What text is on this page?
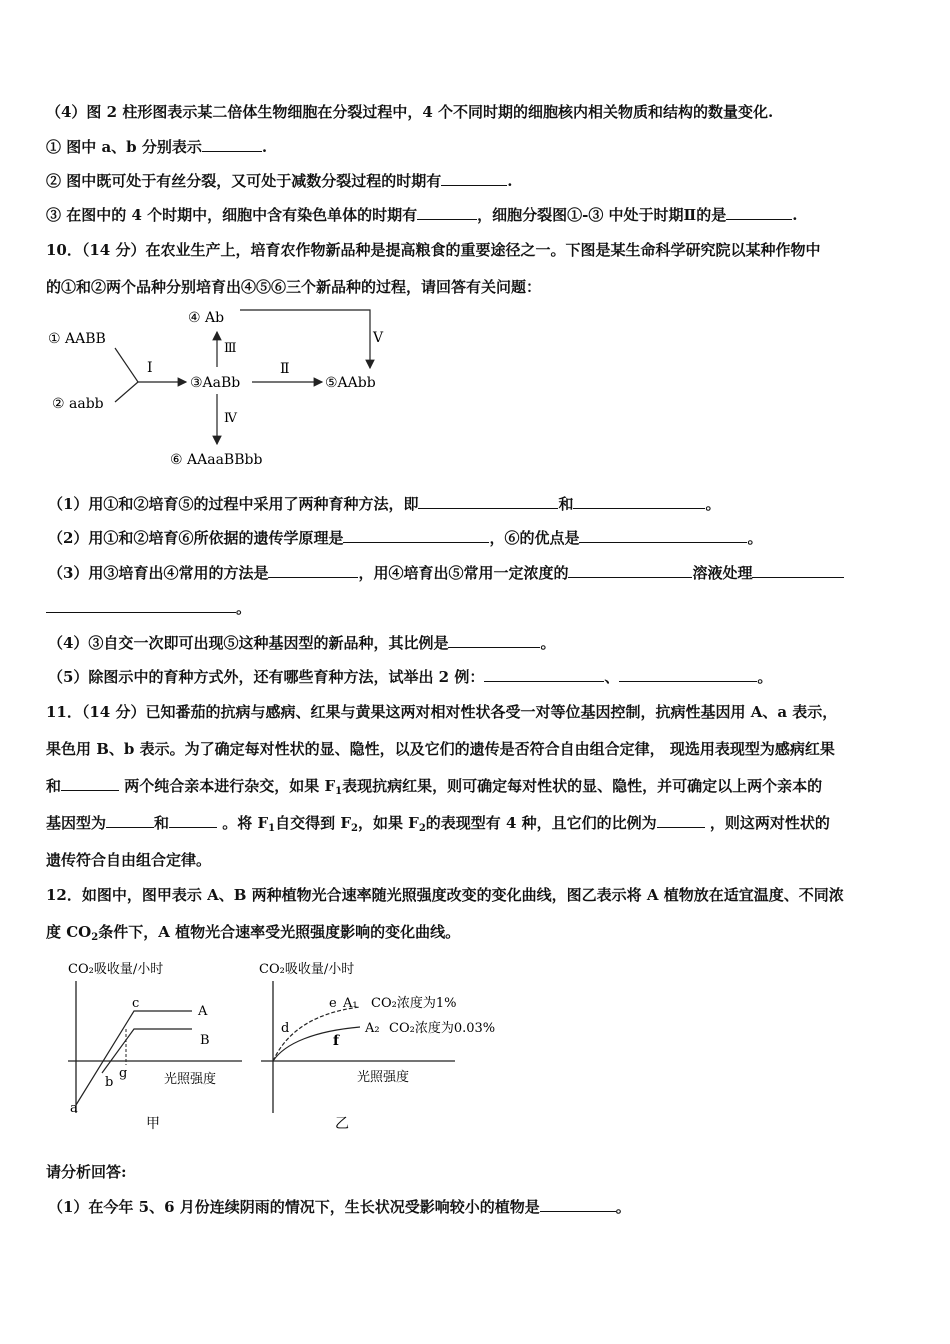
（4）图 2 柱形图表示某二倍体生物细胞在分裂过程中，4 个不同时期的细胞核内相关物质和结构的数量变化.
① 图中 a、b 分别表示	.
② 图中既可处于有丝分裂，又可处于减数分裂过程的时期有	.
③ 在图中的 4 个时期中，细胞中含有染色单体的时期有	，细胞分裂图①-③ 中处于时期Ⅱ的是	.
10．（14 分）在农业生产上，培育农作物新品种是提高粮食的重要途径之一。下图是某生命科学研究院以某种作物中
的①和②两个品种分别培育出④⑤⑥三个新品种的过程，请回答有关问题：
① AABB
② aabb
③AaBb
④ Ab
⑤AAbb
⑥ AAaaBBbb
Ⅰ	Ⅱ
Ⅲ
Ⅳ
Ⅴ
（1）用①和②培育⑤的过程中采用了两种育种方法，即	和	。
（2）用①和②培育⑥所依据的遗传学原理是	，⑥的优点是	。
（3）用③培育出④常用的方法是	，用④培育出⑤常用一定浓度的	溶液处理
。
（4）③自交一次即可出现⑤这种基因型的新品种，其比例是	。
（5）除图示中的育种方式外，还有哪些育种方法，试举出 2 例：	、	。
11．（14 分）已知番茄的抗病与感病、红果与黄果这两对相对性状各受一对等位基因控制，抗病性基因用 A、a 表示，
果色用 B、b 表示。为了确定每对性状的显、隐性，以及它们的遗传是否符合自由组合定律， 现选用表现型为感病红果
和	两个纯合亲本进行杂交，如果 $F_1$表现抗病红果，则可确定每对性状的显、隐性，并可确定以上两个亲本的
基因型为	和	。将 $F_1$自交得到 $F_2$，如果 $F_2$的表现型有 4 种，且它们的比例为	，则这两对性状的
遗传符合自由组合定律。
12．如图中，图甲表示 A、B 两种植物光合速率随光照强度改变的变化曲线，图乙表示将 A 植物放在适宜温度、不同浓
度 $CO_2$条件下，A 植物光合速率受光照强度影响的变化曲线。
CO₂吸收量/小时
A
B
a
b
c
g	光照强度
甲
CO₂吸收量/小时
d
e
f
A₁ CO₂浓度为1%
A₂ CO₂浓度为0.03%
光照强度
乙
请分析回答:
（1）在今年 5、6 月份连续阴雨的情况下，生长状况受影响较小的植物是	。
